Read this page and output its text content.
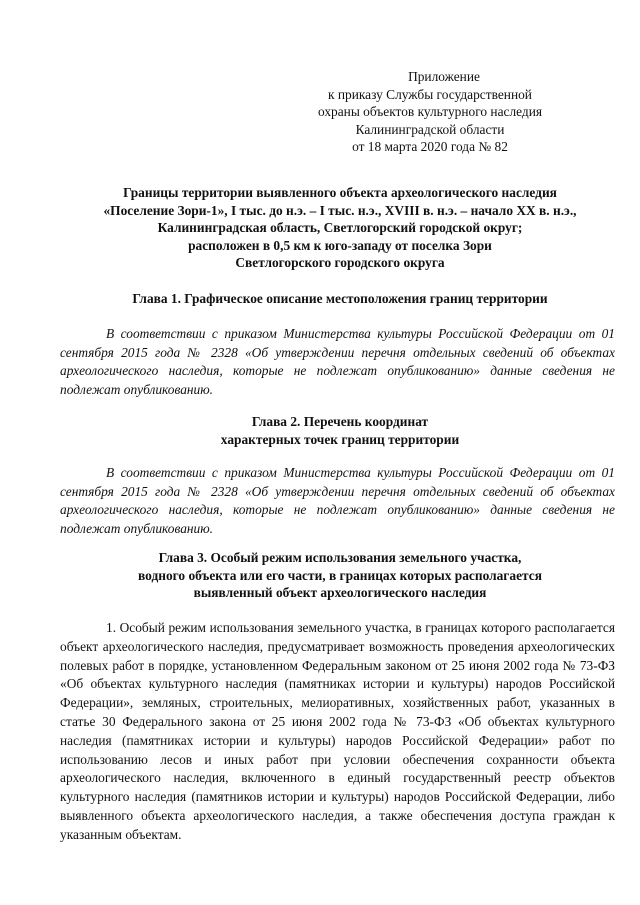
Приложение
к приказу Службы государственной
охраны объектов культурного наследия
Калининградской области
от 18 марта 2020 года № 82
Границы территории выявленного объекта археологического наследия
«Поселение Зори-1», I тыс. до н.э. – I тыс. н.э., XVIII в. н.э. – начало XX в. н.э.,
Калининградская область, Светлогорский городской округ;
расположен в 0,5 км к юго-западу от поселка Зори
Светлогорского городского округа
Глава 1. Графическое описание местоположения границ территории

В соответствии с приказом Министерства культуры Российской Федерации от 01 сентября 2015 года № 2328 «Об утверждении перечня отдельных сведений об объектах археологического наследия, которые не подлежат опубликованию» данные сведения не подлежат опубликованию.

Глава 2. Перечень координат
характерных точек границ территории

В соответствии с приказом Министерства культуры Российской Федерации от 01 сентября 2015 года № 2328 «Об утверждении перечня отдельных сведений об объектах археологического наследия, которые не подлежат опубликованию» данные сведения не подлежат опубликованию.

Глава 3. Особый режим использования земельного участка,
водного объекта или его части, в границах которых располагается
выявленный объект археологического наследия

1. Особый режим использования земельного участка, в границах которого располагается объект археологического наследия, предусматривает возможность проведения археологических полевых работ в порядке, установленном Федеральным законом от 25 июня 2002 года № 73-ФЗ «Об объектах культурного наследия (памятниках истории и культуры) народов Российской Федерации», земляных, строительных, мелиоративных, хозяйственных работ, указанных в статье 30 Федерального закона от 25 июня 2002 года № 73-ФЗ «Об объектах культурного наследия (памятниках истории и культуры) народов Российской Федерации» работ по использованию лесов и иных работ при условии обеспечения сохранности объекта археологического наследия, включенного в единый государственный реестр объектов культурного наследия (памятников истории и культуры) народов Российской Федерации, либо выявленного объекта археологического наследия, а также обеспечения доступа граждан к указанным объектам.
